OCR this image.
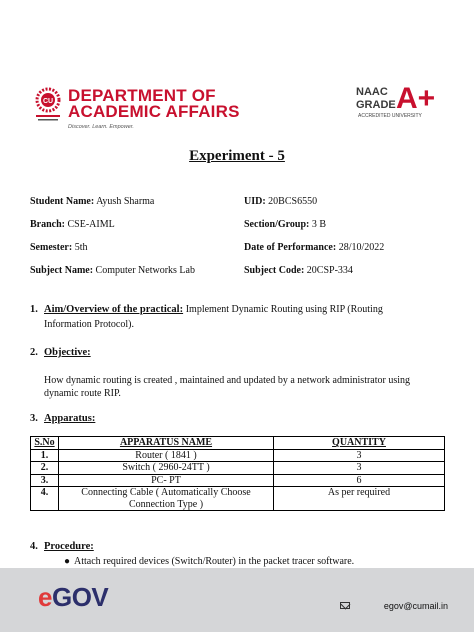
CU DEPARTMENT OF
ACADEMIC AFFAIRS
Discover. Learn. Empower.
NAAC
GRADE A+
ACCREDITED UNIVERSITY
Experiment - 5
Student Name: Ayush Sharma	UID: 20BCS6550
Branch: CSE-AIML	Section/Group: 3 B
Semester: 5th	Date of Performance: 28/10/2022
Subject Name: Computer Networks Lab	Subject Code: 20CSP-334
1. Aim/Overview of the practical: Implement Dynamic Routing using RIP (Routing
Information Protocol).
2. Objective:
How dynamic routing is created , maintained and updated by a network administrator using
dynamic route RIP.
3. Apparatus:
S.No	APPARATUS NAME	QUANTITY
1.	Router ( 1841 )	3
2.	Switch ( 2960-24TT )	3
3.	PC- PT	6
4.	Connecting Cable ( Automatically Choose Connection Type )	As per required
4. Procedure:
● Attach required devices (Switch/Router) in the packet tracer software.
eGOV	egov@cumail.in
